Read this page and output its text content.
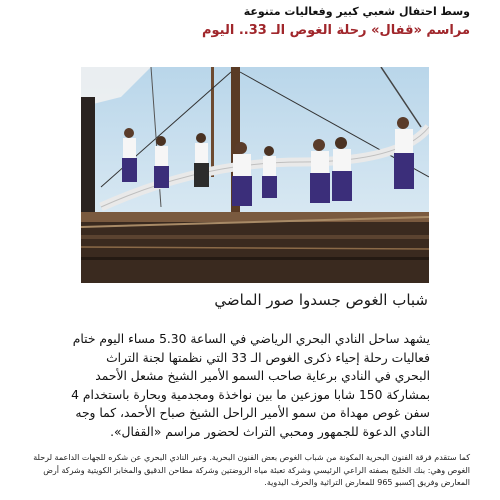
وسط احتفال شعبي كبير وفعاليات متنوعة
مراسم «قفال» رحلة الغوص الـ 33.. اليوم
شباب الغوص جسدوا صور الماضي
يشهد ساحل النادي البحري الرياضي في الساعة 5.30 مساء اليوم ختام فعاليات رحلة إحياء ذكرى الغوص الـ 33 التي نظمتها لجنة التراث البحري في النادي برعاية صاحب السمو الأمير الشيخ مشعل الأحمد بمشاركة 150 شابا موزعين ما بين نواخذة ومجدمية وبحارة باستخدام 4 سفن غوص مهداة من سمو الأمير الراحل الشيخ صباح الأحمد، كما وجه النادي الدعوة للجمهور ومحبي التراث لحضور مراسم «القفال».
كما ستقدم فرقة الفنون البحرية المكونة من شباب الغوص بعض الفنون البحرية. وعبر النادي البحري عن شكره للجهات الداعمة لرحلة الغوص وهي: بنك الخليج بصفته الراعي الرئيسي وشركة تعبئة مياه الروضتين وشركة مطاحن الدقيق والمخابز الكويتية وشركة أرض المعارض وفريق إكسبو 965 للمعارض التراثية والحرف اليدوية.
